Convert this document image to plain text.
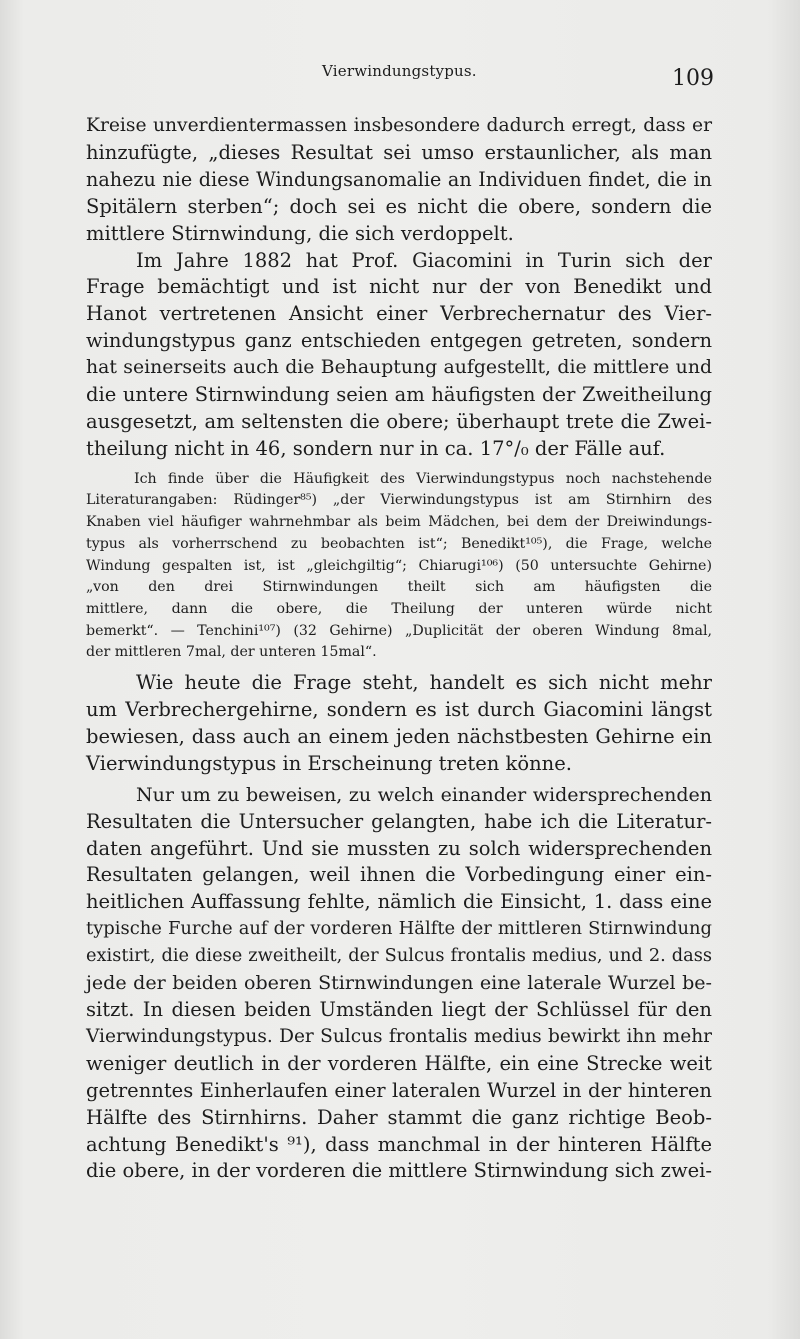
Vierwindungstypus.	109

Kreise unverdientermassen insbesondere dadurch erregt, dass er
hinzufügte, „dieses Resultat sei umso erstaunlicher, als man
nahezu nie diese Windungsanomalie an Individuen findet, die in
Spitälern sterben“; doch sei es nicht die obere, sondern die
mittlere Stirnwindung, die sich verdoppelt.

Im Jahre 1882 hat Prof. Giacomini in Turin sich der
Frage bemächtigt und ist nicht nur der von Benedikt und
Hanot vertretenen Ansicht einer Verbrechernatur des Vier-
windungstypus ganz entschieden entgegen getreten, sondern
hat seinerseits auch die Behauptung aufgestellt, die mittlere und
die untere Stirnwindung seien am häufigsten der Zweitheilung
ausgesetzt, am seltensten die obere; überhaupt trete die Zwei-
theilung nicht in 46, sondern nur in ca. 17°/₀ der Fälle auf.

Ich finde über die Häufigkeit des Vierwindungstypus noch nachstehende
Literaturangaben: Rüdinger⁸⁵) „der Vierwindungstypus ist am Stirnhirn des
Knaben viel häufiger wahrnehmbar als beim Mädchen, bei dem der Dreiwindungs-
typus als vorherrschend zu beobachten ist“; Benedikt¹⁰⁵), die Frage, welche
Windung gespalten ist, ist „gleichgiltig“; Chiarugi¹⁰⁶) (50 untersuchte Gehirne)
„von den drei Stirnwindungen theilt sich am häufigsten die
mittlere, dann die obere, die Theilung der unteren würde nicht
bemerkt“. — Tenchini¹⁰⁷) (32 Gehirne) „Duplicität der oberen Windung 8mal,
der mittleren 7mal, der unteren 15mal“.

Wie heute die Frage steht, handelt es sich nicht mehr
um Verbrechergehirne, sondern es ist durch Giacomini längst
bewiesen, dass auch an einem jeden nächstbesten Gehirne ein
Vierwindungstypus in Erscheinung treten könne.

Nur um zu beweisen, zu welch einander widersprechenden
Resultaten die Untersucher gelangten, habe ich die Literatur-
daten angeführt. Und sie mussten zu solch widersprechenden
Resultaten gelangen, weil ihnen die Vorbedingung einer ein-
heitlichen Auffassung fehlte, nämlich die Einsicht, 1. dass eine
typische Furche auf der vorderen Hälfte der mittleren Stirnwindung
existirt, die diese zweitheilt, der Sulcus frontalis medius, und 2. dass
jede der beiden oberen Stirnwindungen eine laterale Wurzel be-
sitzt. In diesen beiden Umständen liegt der Schlüssel für den
Vierwindungstypus. Der Sulcus frontalis medius bewirkt ihn mehr
weniger deutlich in der vorderen Hälfte, ein eine Strecke weit
getrenntes Einherlaufen einer lateralen Wurzel in der hinteren
Hälfte des Stirnhirns. Daher stammt die ganz richtige Beob-
achtung Benedikt's ⁹¹), dass manchmal in der hinteren Hälfte
die obere, in der vorderen die mittlere Stirnwindung sich zwei-
